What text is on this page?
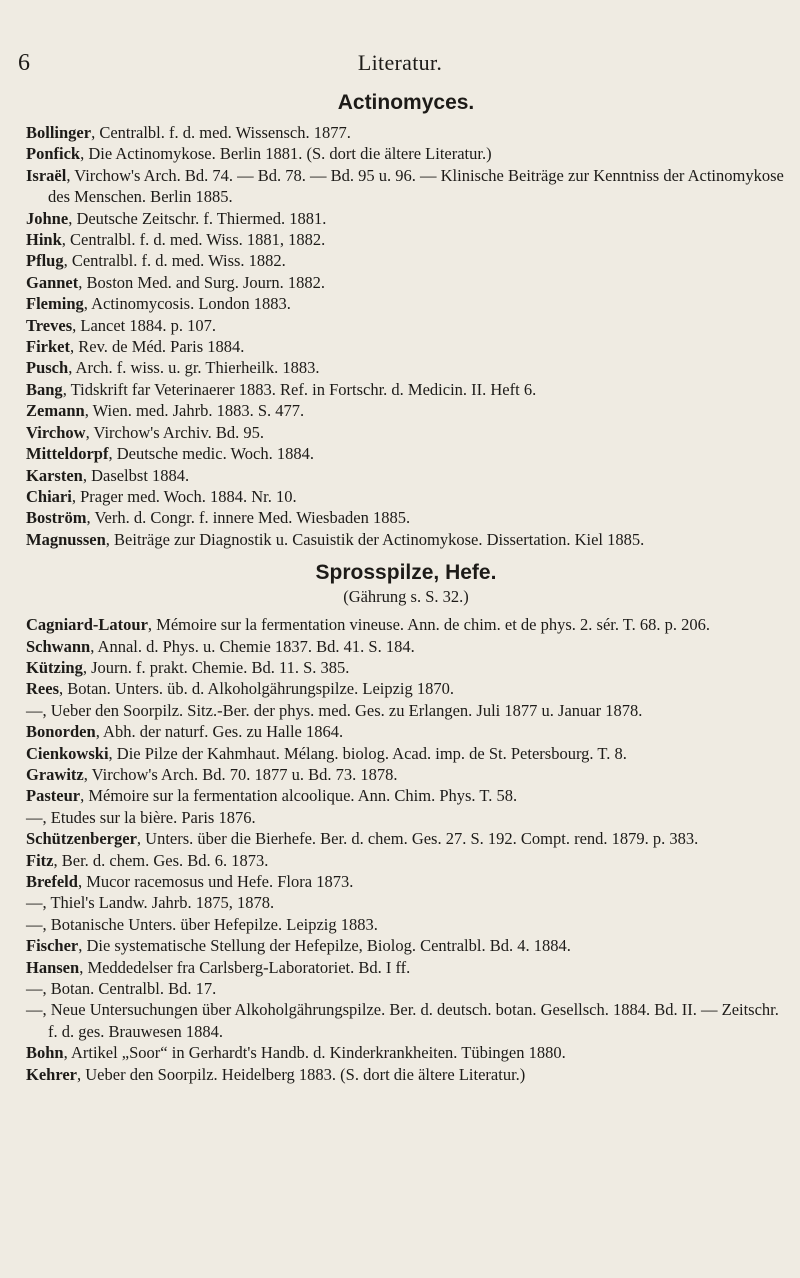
6	Literatur.
Actinomyces.
Bollinger, Centralbl. f. d. med. Wissensch. 1877.
Ponfick, Die Actinomykose. Berlin 1881. (S. dort die ältere Literatur.)
Israël, Virchow's Arch. Bd. 74. — Bd. 78. — Bd. 95 u. 96. — Klinische Beiträge zur Kenntniss der Actinomykose des Menschen. Berlin 1885.
Johne, Deutsche Zeitschr. f. Thiermed. 1881.
Hink, Centralbl. f. d. med. Wiss. 1881, 1882.
Pflug, Centralbl. f. d. med. Wiss. 1882.
Gannet, Boston Med. and Surg. Journ. 1882.
Fleming, Actinomycosis. London 1883.
Treves, Lancet 1884. p. 107.
Firket, Rev. de Méd. Paris 1884.
Pusch, Arch. f. wiss. u. gr. Thierheilk. 1883.
Bang, Tidskrift far Veterinaerer 1883. Ref. in Fortschr. d. Medicin. II. Heft 6.
Zemann, Wien. med. Jahrb. 1883. S. 477.
Virchow, Virchow's Archiv. Bd. 95.
Mitteldorpf, Deutsche medic. Woch. 1884.
Karsten, Daselbst 1884.
Chiari, Prager med. Woch. 1884. Nr. 10.
Boström, Verh. d. Congr. f. innere Med. Wiesbaden 1885.
Magnussen, Beiträge zur Diagnostik u. Casuistik der Actinomykose. Dissertation. Kiel 1885.
Sprosspilze, Hefe.
(Gährung s. S. 32.)
Cagniard-Latour, Mémoire sur la fermentation vineuse. Ann. de chim. et de phys. 2. sér. T. 68. p. 206.
Schwann, Annal. d. Phys. u. Chemie 1837. Bd. 41. S. 184.
Kützing, Journ. f. prakt. Chemie. Bd. 11. S. 385.
Rees, Botan. Unters. üb. d. Alkoholgährungspilze. Leipzig 1870.
—, Ueber den Soorpilz. Sitz.-Ber. der phys. med. Ges. zu Erlangen. Juli 1877 u. Januar 1878.
Bonorden, Abh. der naturf. Ges. zu Halle 1864.
Cienkowski, Die Pilze der Kahmhaut. Mélang. biolog. Acad. imp. de St. Petersbourg. T. 8.
Grawitz, Virchow's Arch. Bd. 70. 1877 u. Bd. 73. 1878.
Pasteur, Mémoire sur la fermentation alcoolique. Ann. Chim. Phys. T. 58.
—, Etudes sur la bière. Paris 1876.
Schützenberger, Unters. über die Bierhefe. Ber. d. chem. Ges. 27. S. 192. Compt. rend. 1879. p. 383.
Fitz, Ber. d. chem. Ges. Bd. 6. 1873.
Brefeld, Mucor racemosus und Hefe. Flora 1873.
—, Thiel's Landw. Jahrb. 1875, 1878.
—, Botanische Unters. über Hefepilze. Leipzig 1883.
Fischer, Die systematische Stellung der Hefepilze, Biolog. Centralbl. Bd. 4. 1884.
Hansen, Meddedelser fra Carlsberg-Laboratoriet. Bd. I ff.
—, Botan. Centralbl. Bd. 17.
—, Neue Untersuchungen über Alkoholgährungspilze. Ber. d. deutsch. botan. Gesellsch. 1884. Bd. II. — Zeitschr. f. d. ges. Brauwesen 1884.
Bohn, Artikel „Soor“ in Gerhardt's Handb. d. Kinderkrankheiten. Tübingen 1880.
Kehrer, Ueber den Soorpilz. Heidelberg 1883. (S. dort die ältere Literatur.)
